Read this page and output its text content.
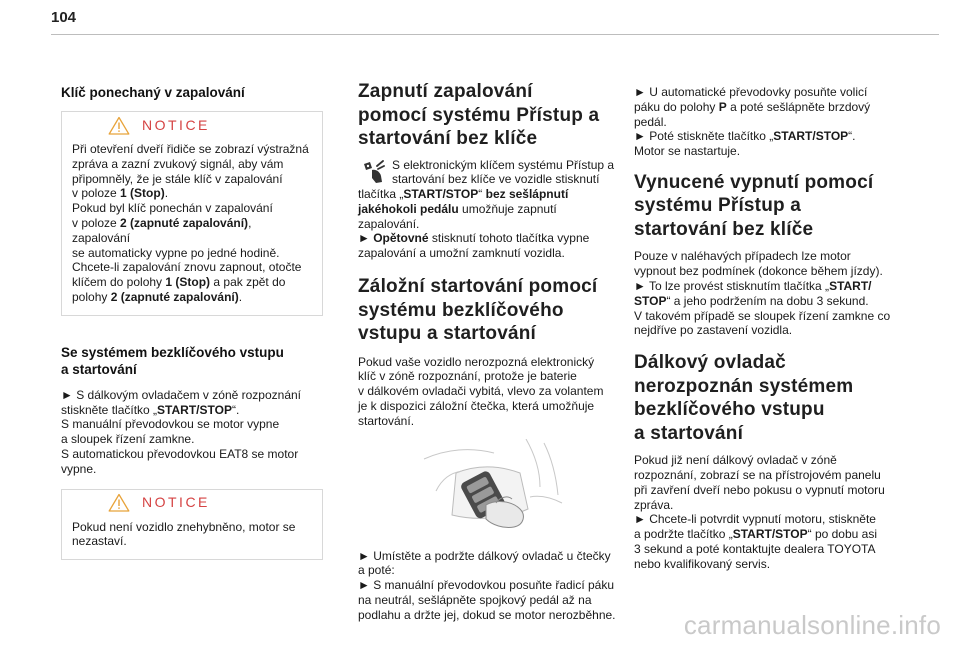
104
Klíč ponechaný v zapalování
NOTICE

Při otevření dveří řidiče se zobrazí výstražná

zpráva a zazní zvukový signál, aby vám

připomněly, že je stále klíč v zapalování

v poloze 1 (Stop).

Pokud byl klíč ponechán v zapalování

v poloze 2 (zapnuté zapalování), zapalování

se automaticky vypne po jedné hodině.

Chcete-li zapalování znovu zapnout, otočte

klíčem do polohy 1 (Stop) a pak zpět do

polohy 2 (zapnuté zapalování).

Se systémem bezklíčového vstupu
a startování

► S dálkovým ovladačem v zóně rozpoznání

stiskněte tlačítko „START/STOP“.

S manuální převodovkou se motor vypne

a sloupek řízení zamkne.

S automatickou převodovkou EAT8 se motor

vypne.

NOTICE

Pokud není vozidlo znehybněno, motor se

nezastaví.

Zapnutí zapalování
pomocí systému Přístup a
startování bez klíče

S elektronickým klíčem systému Přístup a

startování bez klíče ve vozidle stisknutí

tlačítka „START/STOP“ bez sešlápnutí

jakéhokoli pedálu umožňuje zapnutí

zapalování.

► Opětovné stisknutí tohoto tlačítka vypne

zapalování a umožní zamknutí vozidla.

Záložní startování pomocí
systému bezklíčového
vstupu a startování

Pokud vaše vozidlo nerozpozná elektronický

klíč v zóně rozpoznání, protože je baterie

v dálkovém ovladači vybitá, vlevo za volantem

je k dispozici záložní čtečka, která umožňuje

startování.

► Umístěte a podržte dálkový ovladač u čtečky

a poté:

► S manuální převodovkou posuňte řadicí páku

na neutrál, sešlápněte spojkový pedál až na

podlahu a držte jej, dokud se motor nerozběhne.

► U automatické převodovky posuňte volicí

páku do polohy P a poté sešlápněte brzdový

pedál.

► Poté stiskněte tlačítko „START/STOP“.

Motor se nastartuje.

Vynucené vypnutí pomocí
systému Přístup a
startování bez klíče

Pouze v naléhavých případech lze motor

vypnout bez podmínek (dokonce během jízdy).

► To lze provést stisknutím tlačítka „START/

STOP“ a jeho podržením na dobu 3 sekund.

V takovém případě se sloupek řízení zamkne co

nejdříve po zastavení vozidla.

Dálkový ovladač
nerozpoznán systémem
bezklíčového vstupu
a startování

Pokud již není dálkový ovladač v zóně

rozpoznání, zobrazí se na přístrojovém panelu

při zavření dveří nebo pokusu o vypnutí motoru

zpráva.

► Chcete-li potvrdit vypnutí motoru, stiskněte

a podržte tlačítko „START/STOP“ po dobu asi

3 sekund a poté kontaktujte dealera TOYOTA

nebo kvalifikovaný servis.

carmanualsonline.info
